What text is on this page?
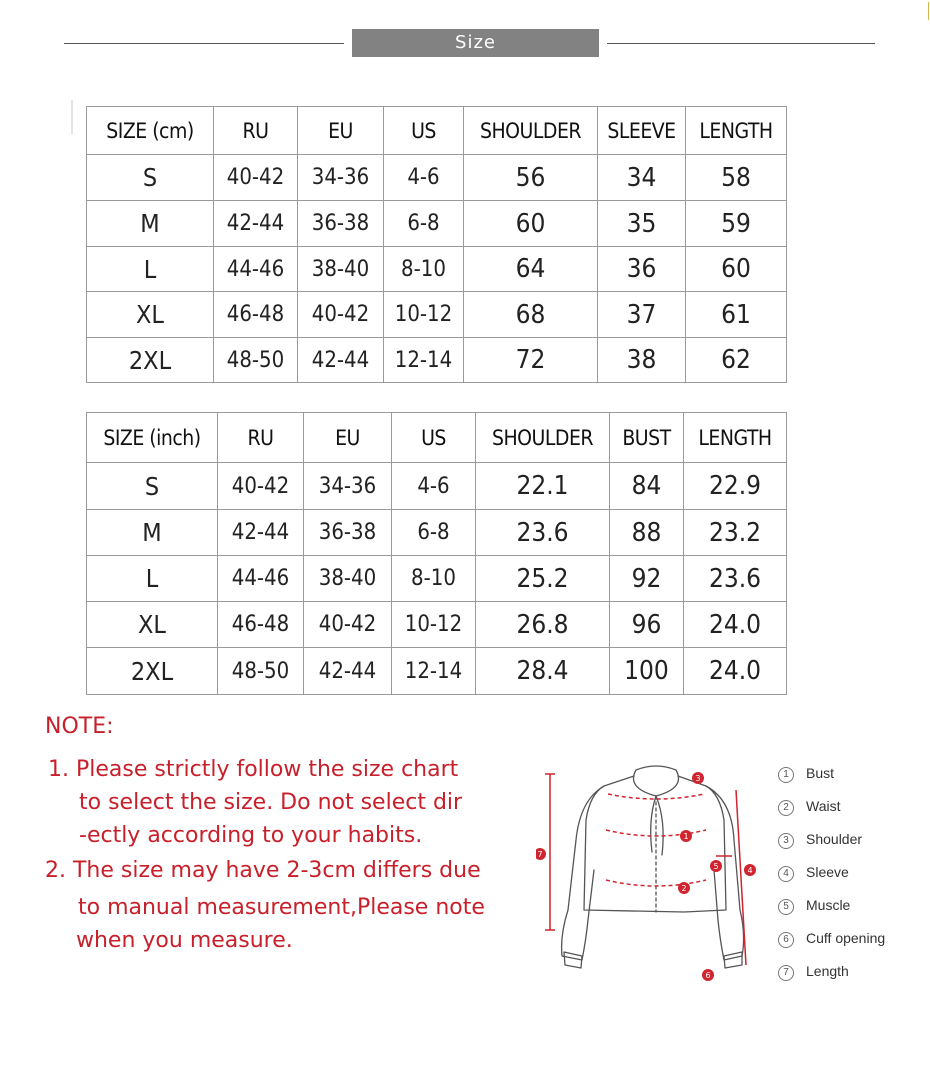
Size
SIZE (cm)	RU	EU	US	SHOULDER	SLEEVE	LENGTH
S	40-42	34-36	4-6	56	34	58
M	42-44	36-38	6-8	60	35	59
L	44-46	38-40	8-10	64	36	60
XL	46-48	40-42	10-12	68	37	61
2XL	48-50	42-44	12-14	72	38	62
SIZE (inch)	RU	EU	US	SHOULDER	BUST	LENGTH
S	40-42	34-36	4-6	22.1	84	22.9
M	42-44	36-38	6-8	23.6	88	23.2
L	44-46	38-40	8-10	25.2	92	23.6
XL	46-48	40-42	10-12	26.8	96	24.0
2XL	48-50	42-44	12-14	28.4	100	24.0
NOTE:
1. Please strictly follow the size chart
to select the size. Do not select dir
-ectly according to your habits.
2. The size may have 2-3cm differs due
to manual measurement,Please note
when you measure.
1
2
3
4
5
6
7
1 Bust
2 Waist
3 Shoulder
4 Sleeve
5 Muscle
6 Cuff opening
7 Length
